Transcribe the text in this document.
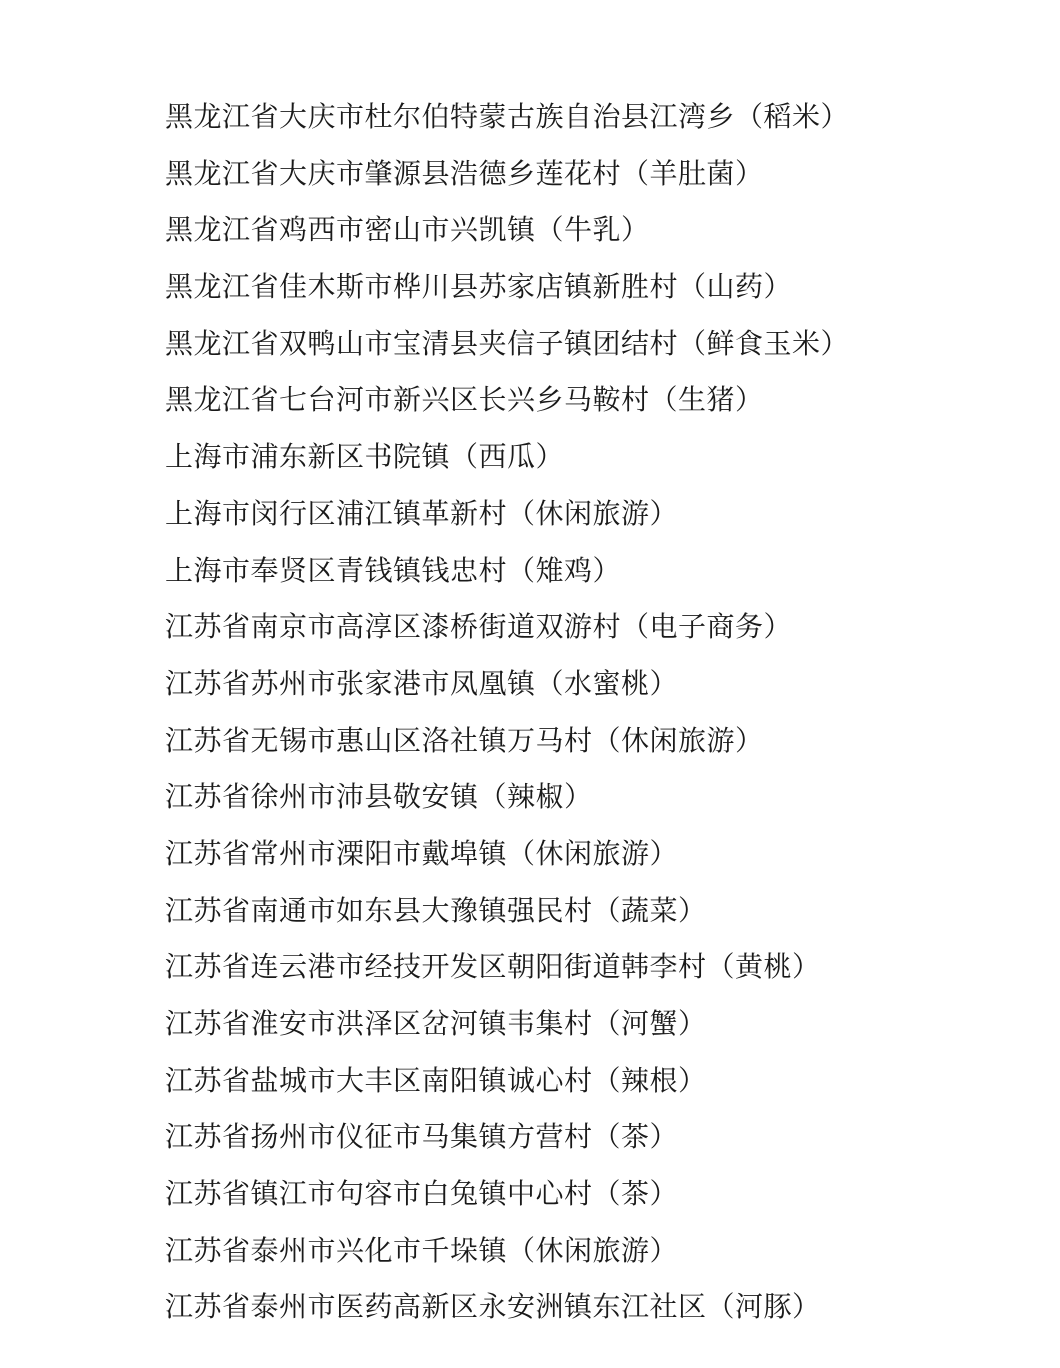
黑龙江省大庆市杜尔伯特蒙古族自治县江湾乡（稻米）
黑龙江省大庆市肇源县浩德乡莲花村（羊肚菌）
黑龙江省鸡西市密山市兴凯镇（牛乳）
黑龙江省佳木斯市桦川县苏家店镇新胜村（山药）
黑龙江省双鸭山市宝清县夹信子镇团结村（鲜食玉米）
黑龙江省七台河市新兴区长兴乡马鞍村（生猪）
上海市浦东新区书院镇（西瓜）
上海市闵行区浦江镇革新村（休闲旅游）
上海市奉贤区青钱镇钱忠村（雉鸡）
江苏省南京市高淳区漆桥街道双游村（电子商务）
江苏省苏州市张家港市凤凰镇（水蜜桃）
江苏省无锡市惠山区洛社镇万马村（休闲旅游）
江苏省徐州市沛县敬安镇（辣椒）
江苏省常州市溧阳市戴埠镇（休闲旅游）
江苏省南通市如东县大豫镇强民村（蔬菜）
江苏省连云港市经技开发区朝阳街道韩李村（黄桃）
江苏省淮安市洪泽区岔河镇韦集村（河蟹）
江苏省盐城市大丰区南阳镇诚心村（辣根）
江苏省扬州市仪征市马集镇方营村（茶）
江苏省镇江市句容市白兔镇中心村（茶）
江苏省泰州市兴化市千垛镇（休闲旅游）
江苏省泰州市医药高新区永安洲镇东江社区（河豚）
